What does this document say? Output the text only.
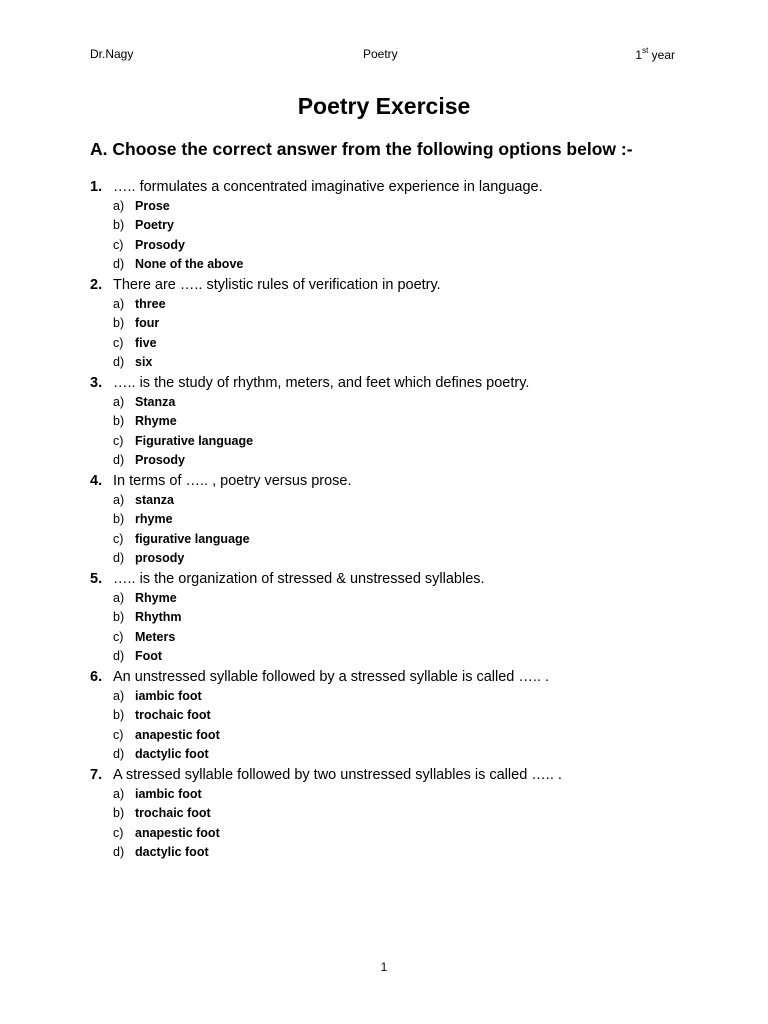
Dr.Nagy	Poetry	1st year
Poetry Exercise
A. Choose the correct answer from the following options below :-
1. ….. formulates a concentrated imaginative experience in language.
a) Prose
b) Poetry
c) Prosody
d) None of the above
2. There are ….. stylistic rules of verification in poetry.
a) three
b) four
c) five
d) six
3. ….. is the study of rhythm, meters, and feet which defines poetry.
a) Stanza
b) Rhyme
c) Figurative language
d) Prosody
4. In terms of ….. , poetry versus prose.
a) stanza
b) rhyme
c) figurative language
d) prosody
5. ….. is the organization of stressed & unstressed syllables.
a) Rhyme
b) Rhythm
c) Meters
d) Foot
6. An unstressed syllable followed by a stressed syllable is called ….. .
a) iambic foot
b) trochaic foot
c) anapestic foot
d) dactylic foot
7. A stressed syllable followed by two unstressed syllables is called ….. .
a) iambic foot
b) trochaic foot
c) anapestic foot
d) dactylic foot
1
